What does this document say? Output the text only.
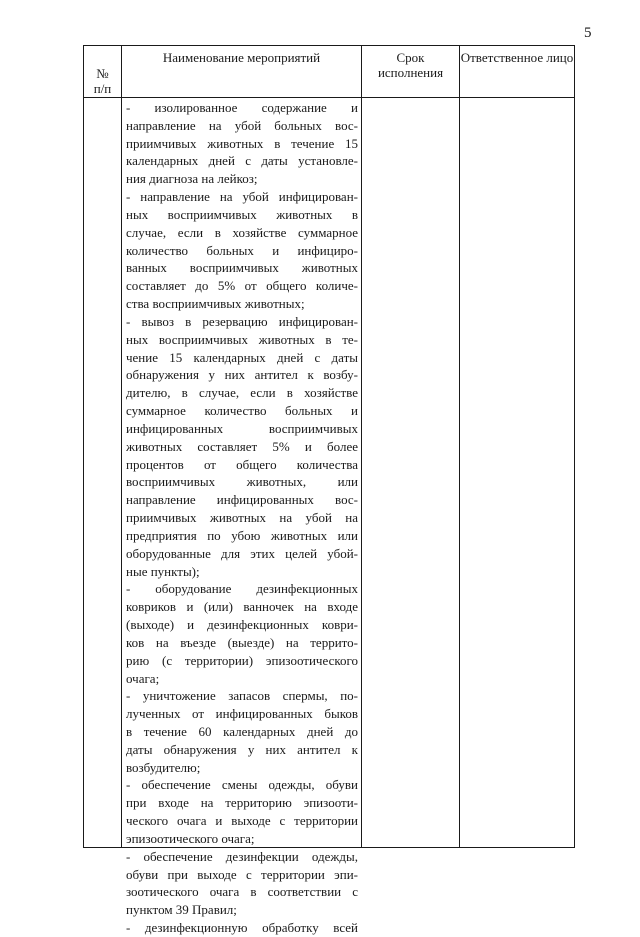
5
№
п/п
Наименование мероприятий	Срок
исполнения
Ответственное лицо
- изолированное содержание и
направление на убой больных вос-
приимчивых животных в течение 15
календарных дней с даты установле-
ния диагноза на лейкоз;
- направление на убой инфицирован-
ных восприимчивых животных в
случае, если в хозяйстве суммарное
количество больных и инфициро-
ванных восприимчивых животных
составляет до 5% от общего количе-
ства восприимчивых животных;
- вывоз в резервацию инфицирован-
ных восприимчивых животных в те-
чение 15 календарных дней с даты
обнаружения у них антител к возбу-
дителю, в случае, если в хозяйстве
суммарное количество больных и
инфицированных восприимчивых
животных составляет 5% и более
процентов от общего количества
восприимчивых животных, или
направление инфицированных вос-
приимчивых животных на убой на
предприятия по убою животных или
оборудованные для этих целей убой-
ные пункты);
- оборудование дезинфекционных
ковриков и (или) ванночек на входе
(выходе) и дезинфекционных коври-
ков на въезде (выезде) на террито-
рию (с территории) эпизоотического
очага;
- уничтожение запасов спермы, по-
лученных от инфицированных быков
в течение 60 календарных дней до
даты обнаружения у них антител к
возбудителю;
- обеспечение смены одежды, обуви
при входе на территорию эпизооти-
ческого очага и выходе с территории
эпизоотического очага;
- обеспечение дезинфекции одежды,
обуви при выходе с территории эпи-
зоотического очага в соответствии с
пунктом 39 Правил;
- дезинфекционную обработку всей
